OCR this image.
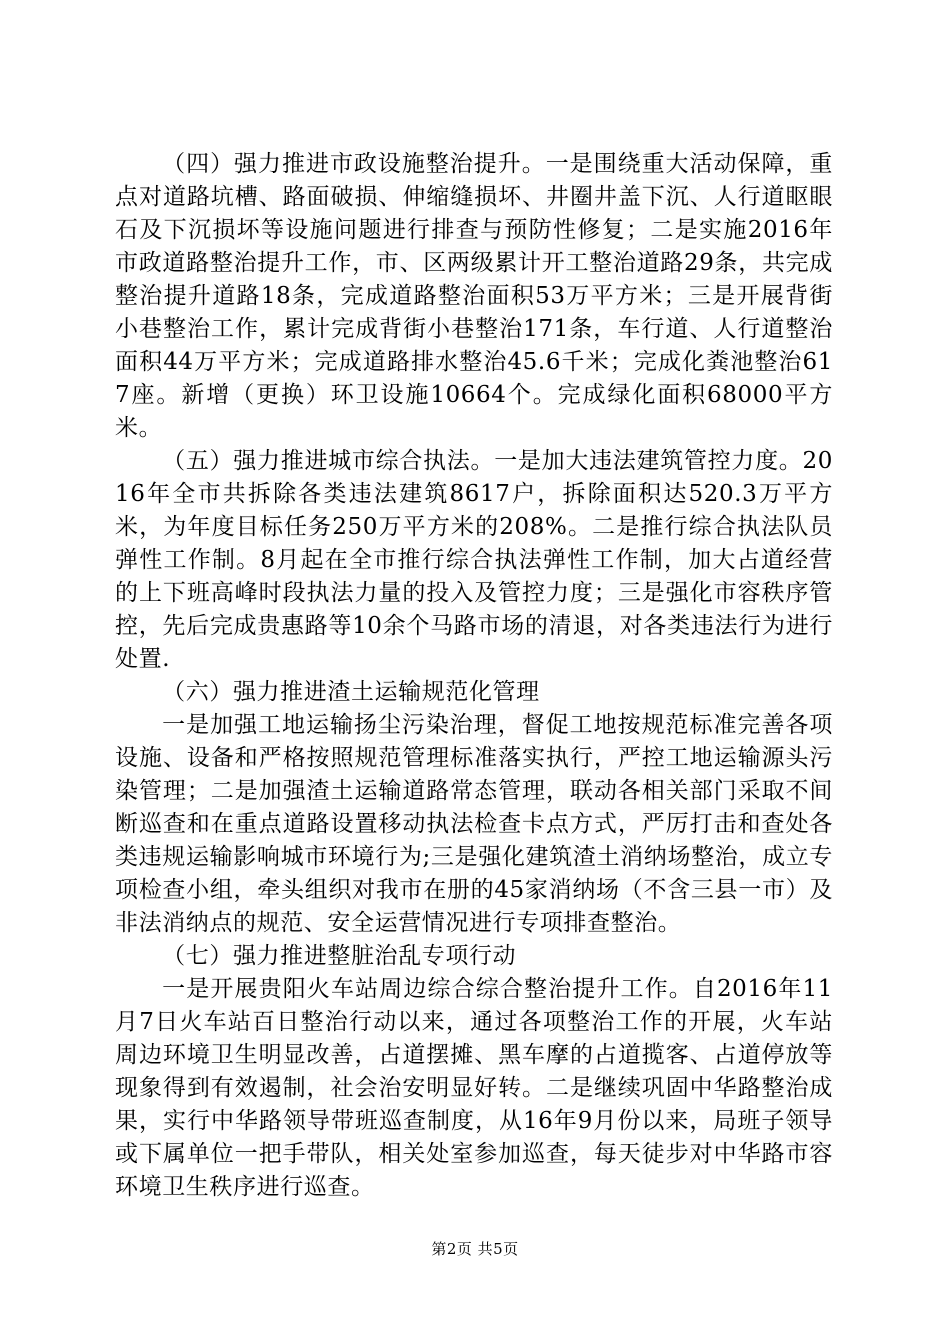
（四）强力推进市政设施整治提升。一是围绕重大活动保障，重点对道路坑槽、路面破损、伸缩缝损坏、井圈井盖下沉、人行道眍眼石及下沉损坏等设施问题进行排查与预防性修复；二是实施2016年市政道路整治提升工作，市、区两级累计开工整治道路29条，共完成整治提升道路18条，完成道路整治面积53万平方米；三是开展背街小巷整治工作，累计完成背街小巷整治171条，车行道、人行道整治面积44万平方米；完成道路排水整治45.6千米；完成化粪池整治617座。新增（更换）环卫设施10664个。完成绿化面积68000平方米。

（五）强力推进城市综合执法。一是加大违法建筑管控力度。2016年全市共拆除各类违法建筑8617户，拆除面积达520.3万平方米，为年度目标任务250万平方米的208%。二是推行综合执法队员弹性工作制。8月起在全市推行综合执法弹性工作制，加大占道经营的上下班高峰时段执法力量的投入及管控力度；三是强化市容秩序管控，先后完成贵惠路等10余个马路市场的清退，对各类违法行为进行处置.

（六）强力推进渣土运输规范化管理

一是加强工地运输扬尘污染治理，督促工地按规范标准完善各项设施、设备和严格按照规范管理标准落实执行，严控工地运输源头污染管理；二是加强渣土运输道路常态管理，联动各相关部门采取不间断巡查和在重点道路设置移动执法检查卡点方式，严厉打击和查处各类违规运输影响城市环境行为;三是强化建筑渣土消纳场整治，成立专项检查小组，牵头组织对我市在册的45家消纳场（不含三县一市）及非法消纳点的规范、安全运营情况进行专项排查整治。

（七）强力推进整脏治乱专项行动

一是开展贵阳火车站周边综合综合整治提升工作。自2016年11月7日火车站百日整治行动以来，通过各项整治工作的开展，火车站周边环境卫生明显改善，占道摆摊、黑车摩的占道揽客、占道停放等现象得到有效遏制，社会治安明显好转。二是继续巩固中华路整治成果，实行中华路领导带班巡查制度，从16年9月份以来，局班子领导或下属单位一把手带队，相关处室参加巡查，每天徒步对中华路市容环境卫生秩序进行巡查。

第2页 共5页
